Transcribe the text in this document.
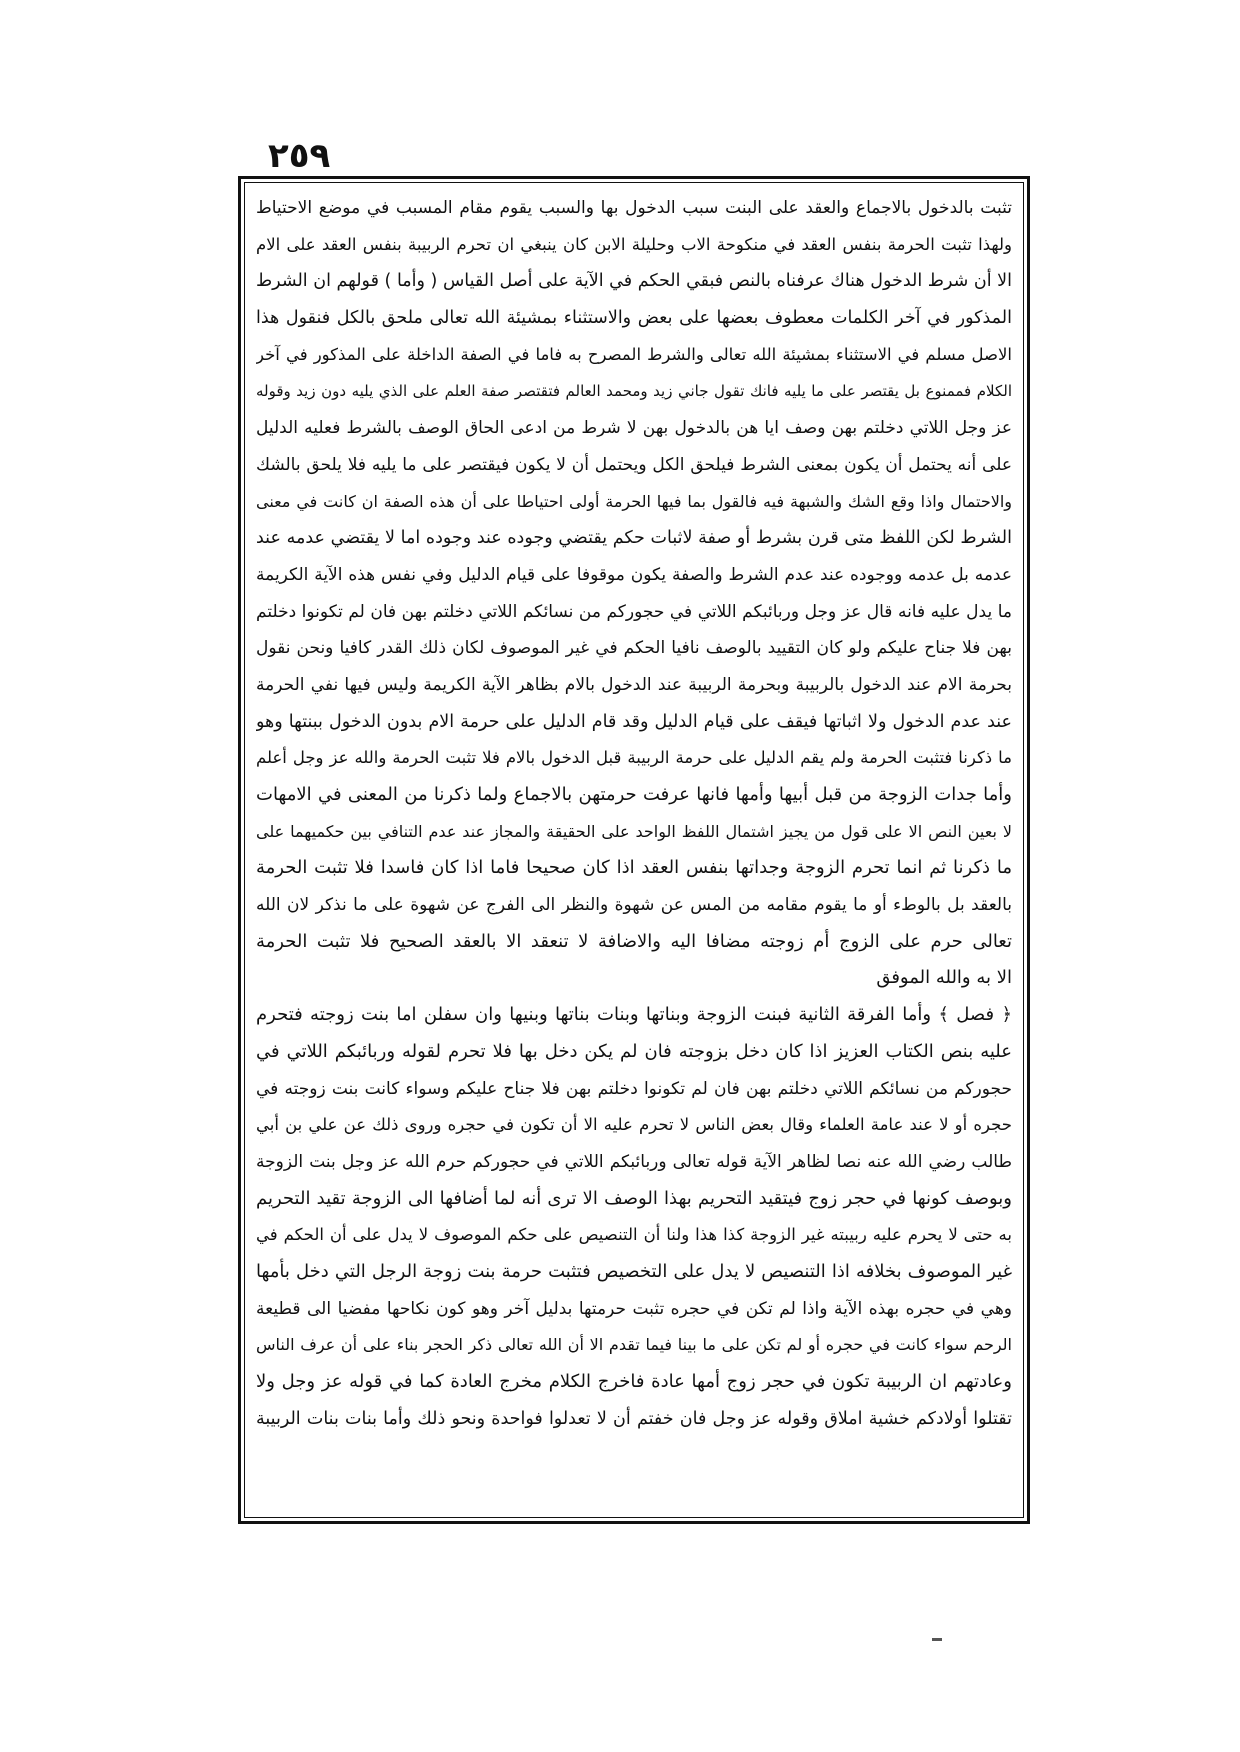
٢٥٩
تثبت بالدخول بالاجماع والعقد على البنت سبب الدخول بها والسبب يقوم مقام المسبب في موضع الاحتياط
ولهذا تثبت الحرمة بنفس العقد في منكوحة الاب وحليلة الابن كان ينبغي ان تحرم الربيبة بنفس العقد على الام
الا أن شرط الدخول هناك عرفناه بالنص فبقي الحكم في الآية على أصل القياس ( وأما ) قولهم ان الشرط
المذكور في آخر الكلمات معطوف بعضها على بعض والاستثناء بمشيئة الله تعالى ملحق بالكل فنقول هذا
الاصل مسلم في الاستثناء بمشيئة الله تعالى والشرط المصرح به فاما في الصفة الداخلة على المذكور في آخر
الكلام فممنوع بل يقتصر على ما يليه فانك تقول جاني زيد ومحمد العالم فتقتصر صفة العلم على الذي يليه دون زيد وقوله
عز وجل اللاتي دخلتم بهن وصف ايا هن بالدخول بهن لا شرط من ادعى الحاق الوصف بالشرط فعليه الدليل
على أنه يحتمل أن يكون بمعنى الشرط فيلحق الكل ويحتمل أن لا يكون فيقتصر على ما يليه فلا يلحق بالشك
والاحتمال واذا وقع الشك والشبهة فيه فالقول بما فيها الحرمة أولى احتياطا على أن هذه الصفة ان كانت في معنى
الشرط لكن اللفظ متى قرن بشرط أو صفة لاثبات حكم يقتضي وجوده عند وجوده اما لا يقتضي عدمه عند
عدمه بل عدمه ووجوده عند عدم الشرط والصفة يكون موقوفا على قيام الدليل وفي نفس هذه الآية الكريمة
ما يدل عليه فانه قال عز وجل وربائبكم اللاتي في حجوركم من نسائكم اللاتي دخلتم بهن فان لم تكونوا دخلتم
بهن فلا جناح عليكم ولو كان التقييد بالوصف نافيا الحكم في غير الموصوف لكان ذلك القدر كافيا ونحن نقول
بحرمة الام عند الدخول بالربيبة وبحرمة الربيبة عند الدخول بالام بظاهر الآية الكريمة وليس فيها نفي الحرمة
عند عدم الدخول ولا اثباتها فيقف على قيام الدليل وقد قام الدليل على حرمة الام بدون الدخول ببنتها وهو
ما ذكرنا فتثبت الحرمة ولم يقم الدليل على حرمة الربيبة قبل الدخول بالام فلا تثبت الحرمة والله عز وجل أعلم
وأما جدات الزوجة من قبل أبيها وأمها فانها عرفت حرمتهن بالاجماع ولما ذكرنا من المعنى في الامهات
لا بعين النص الا على قول من يجيز اشتمال اللفظ الواحد على الحقيقة والمجاز عند عدم التنافي بين حكميهما على
ما ذكرنا ثم انما تحرم الزوجة وجداتها بنفس العقد اذا كان صحيحا فاما اذا كان فاسدا فلا تثبت الحرمة
بالعقد بل بالوطء أو ما يقوم مقامه من المس عن شهوة والنظر الى الفرج عن شهوة على ما نذكر لان الله
تعالى حرم على الزوج أم زوجته مضافا اليه والاضافة لا تنعقد الا بالعقد الصحيح فلا تثبت الحرمة
الا به والله الموفق
﴿ فصل ﴾ وأما الفرقة الثانية فبنت الزوجة وبناتها وبنات بناتها وبنيها وان سفلن اما بنت زوجته فتحرم
عليه بنص الكتاب العزيز اذا كان دخل بزوجته فان لم يكن دخل بها فلا تحرم لقوله وربائبكم اللاتي في
حجوركم من نسائكم اللاتي دخلتم بهن فان لم تكونوا دخلتم بهن فلا جناح عليكم وسواء كانت بنت زوجته في
حجره أو لا عند عامة العلماء وقال بعض الناس لا تحرم عليه الا أن تكون في حجره وروى ذلك عن علي بن أبي
طالب رضي الله عنه نصا لظاهر الآية قوله تعالى وربائبكم اللاتي في حجوركم حرم الله عز وجل بنت الزوجة
وبوصف كونها في حجر زوج فيتقيد التحريم بهذا الوصف الا ترى أنه لما أضافها الى الزوجة تقيد التحريم
به حتى لا يحرم عليه ربيبته غير الزوجة كذا هذا ولنا أن التنصيص على حكم الموصوف لا يدل على أن الحكم في
غير الموصوف بخلافه اذا التنصيص لا يدل على التخصيص فتثبت حرمة بنت زوجة الرجل التي دخل بأمها
وهي في حجره بهذه الآية واذا لم تكن في حجره تثبت حرمتها بدليل آخر وهو كون نكاحها مفضيا الى قطيعة
الرحم سواء كانت في حجره أو لم تكن على ما بينا فيما تقدم الا أن الله تعالى ذكر الحجر بناء على أن عرف الناس
وعادتهم ان الربيبة تكون في حجر زوج أمها عادة فاخرج الكلام مخرج العادة كما في قوله عز وجل ولا
تقتلوا أولادكم خشية املاق وقوله عز وجل فان خفتم أن لا تعدلوا فواحدة ونحو ذلك وأما بنات بنات الربيبة
